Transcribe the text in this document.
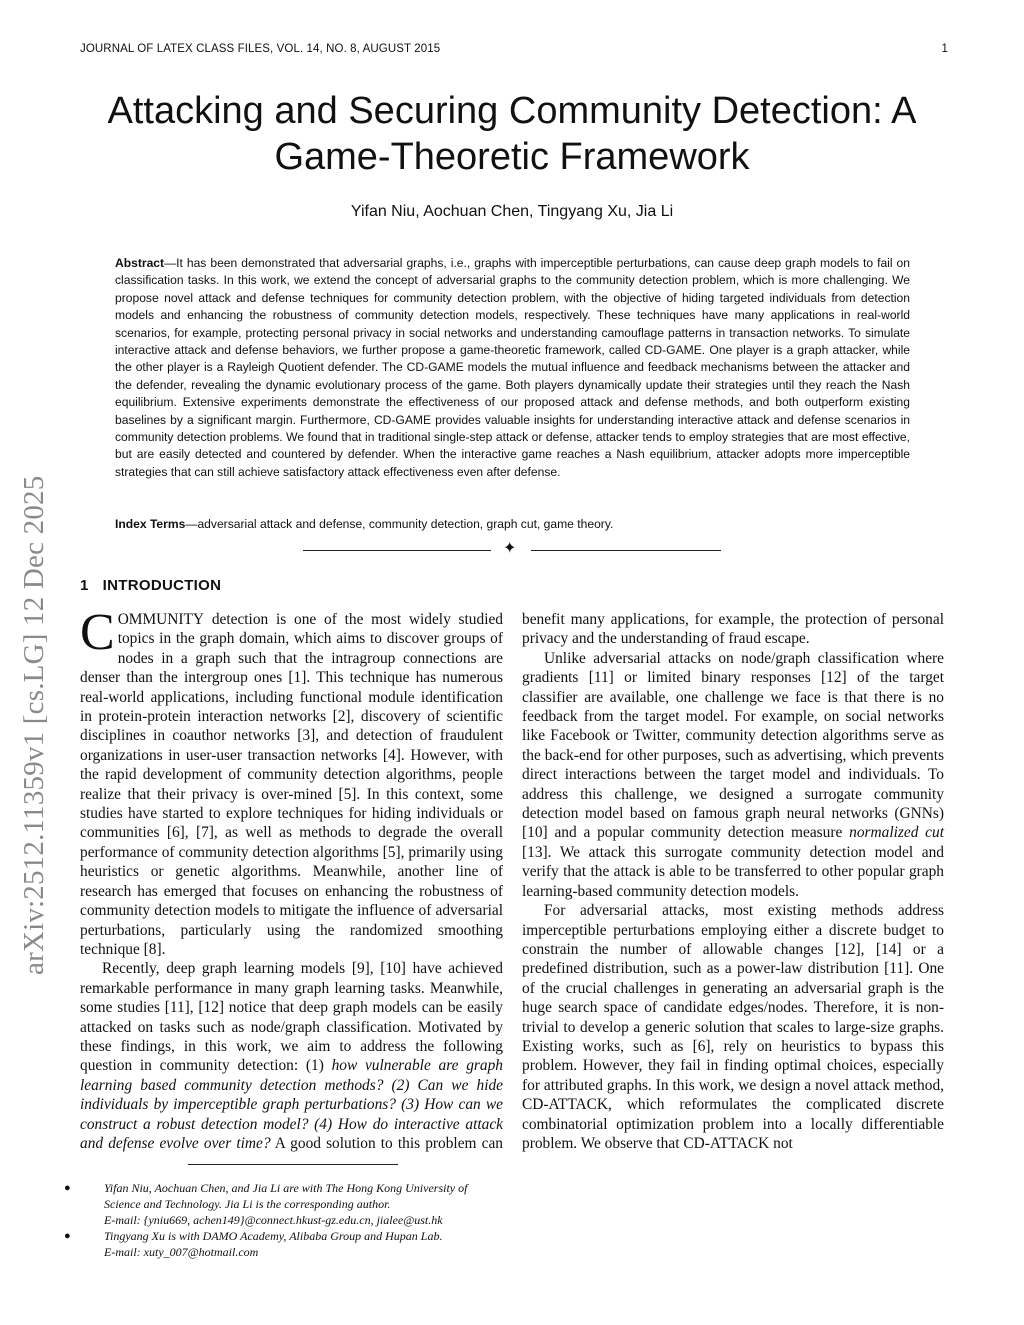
JOURNAL OF LATEX CLASS FILES, VOL. 14, NO. 8, AUGUST 2015	1
Attacking and Securing Community Detection: A Game-Theoretic Framework
Yifan Niu, Aochuan Chen, Tingyang Xu, Jia Li
Abstract—It has been demonstrated that adversarial graphs, i.e., graphs with imperceptible perturbations, can cause deep graph models to fail on classification tasks. In this work, we extend the concept of adversarial graphs to the community detection problem, which is more challenging. We propose novel attack and defense techniques for community detection problem, with the objective of hiding targeted individuals from detection models and enhancing the robustness of community detection models, respectively. These techniques have many applications in real-world scenarios, for example, protecting personal privacy in social networks and understanding camouflage patterns in transaction networks. To simulate interactive attack and defense behaviors, we further propose a game-theoretic framework, called CD-GAME. One player is a graph attacker, while the other player is a Rayleigh Quotient defender. The CD-GAME models the mutual influence and feedback mechanisms between the attacker and the defender, revealing the dynamic evolutionary process of the game. Both players dynamically update their strategies until they reach the Nash equilibrium. Extensive experiments demonstrate the effectiveness of our proposed attack and defense methods, and both outperform existing baselines by a significant margin. Furthermore, CD-GAME provides valuable insights for understanding interactive attack and defense scenarios in community detection problems. We found that in traditional single-step attack or defense, attacker tends to employ strategies that are most effective, but are easily detected and countered by defender. When the interactive game reaches a Nash equilibrium, attacker adopts more imperceptible strategies that can still achieve satisfactory attack effectiveness even after defense.
Index Terms—adversarial attack and defense, community detection, graph cut, game theory.
✦
1 INTRODUCTION

COMMUNITY detection is one of the most widely studied topics in the graph domain, which aims to discover groups of nodes in a graph such that the intragroup connections are denser than the intergroup ones [1]. This technique has numerous real-world applications, including functional module identification in protein-protein interaction networks [2], discovery of scientific disciplines in coauthor networks [3], and detection of fraudulent organizations in user-user transaction networks [4]. However, with the rapid development of community detection algorithms, people realize that their privacy is over-mined [5]. In this context, some studies have started to explore techniques for hiding individuals or communities [6], [7], as well as methods to degrade the overall performance of community detection algorithms [5], primarily using heuristics or genetic algorithms. Meanwhile, another line of research has emerged that focuses on enhancing the robustness of community detection models to mitigate the influence of adversarial perturbations, particularly using the randomized smoothing technique [8].

Recently, deep graph learning models [9], [10] have achieved remarkable performance in many graph learning tasks. Meanwhile, some studies [11], [12] notice that deep graph models can be easily attacked on tasks such as node/graph classification. Motivated by these findings, in this work, we aim to address the following question in community detection: (1) how vulnerable are graph learning based community detection methods? (2) Can we hide individuals by imperceptible graph perturbations? (3) How can we construct a robust detection model? (4) How do interactive attack and defense evolve over time? A good solution to this problem can

benefit many applications, for example, the protection of personal privacy and the understanding of fraud escape.

Unlike adversarial attacks on node/graph classification where gradients [11] or limited binary responses [12] of the target classifier are available, one challenge we face is that there is no feedback from the target model. For example, on social networks like Facebook or Twitter, community detection algorithms serve as the back-end for other purposes, such as advertising, which prevents direct interactions between the target model and individuals. To address this challenge, we designed a surrogate community detection model based on famous graph neural networks (GNNs) [10] and a popular community detection measure normalized cut [13]. We attack this surrogate community detection model and verify that the attack is able to be transferred to other popular graph learning-based community detection models.

For adversarial attacks, most existing methods address imperceptible perturbations employing either a discrete budget to constrain the number of allowable changes [12], [14] or a predefined distribution, such as a power-law distribution [11]. One of the crucial challenges in generating an adversarial graph is the huge search space of candidate edges/nodes. Therefore, it is non-trivial to develop a generic solution that scales to large-size graphs. Existing works, such as [6], rely on heuristics to bypass this problem. However, they fail in finding optimal choices, especially for attributed graphs. In this work, we design a novel attack method, CD-ATTACK, which reformulates the complicated discrete combinatorial optimization problem into a locally differentiable problem. We observe that CD-ATTACK not

●	Yifan Niu, Aochuan Chen, and Jia Li are with The Hong Kong University of Science and Technology. Jia Li is the corresponding author.
E-mail: {yniu669, achen149}@connect.hkust-gz.edu.cn, jialee@ust.hk
●	Tingyang Xu is with DAMO Academy, Alibaba Group and Hupan Lab.
E-mail: xuty_007@hotmail.com
arXiv:2512.11359v1 [cs.LG] 12 Dec 2025
